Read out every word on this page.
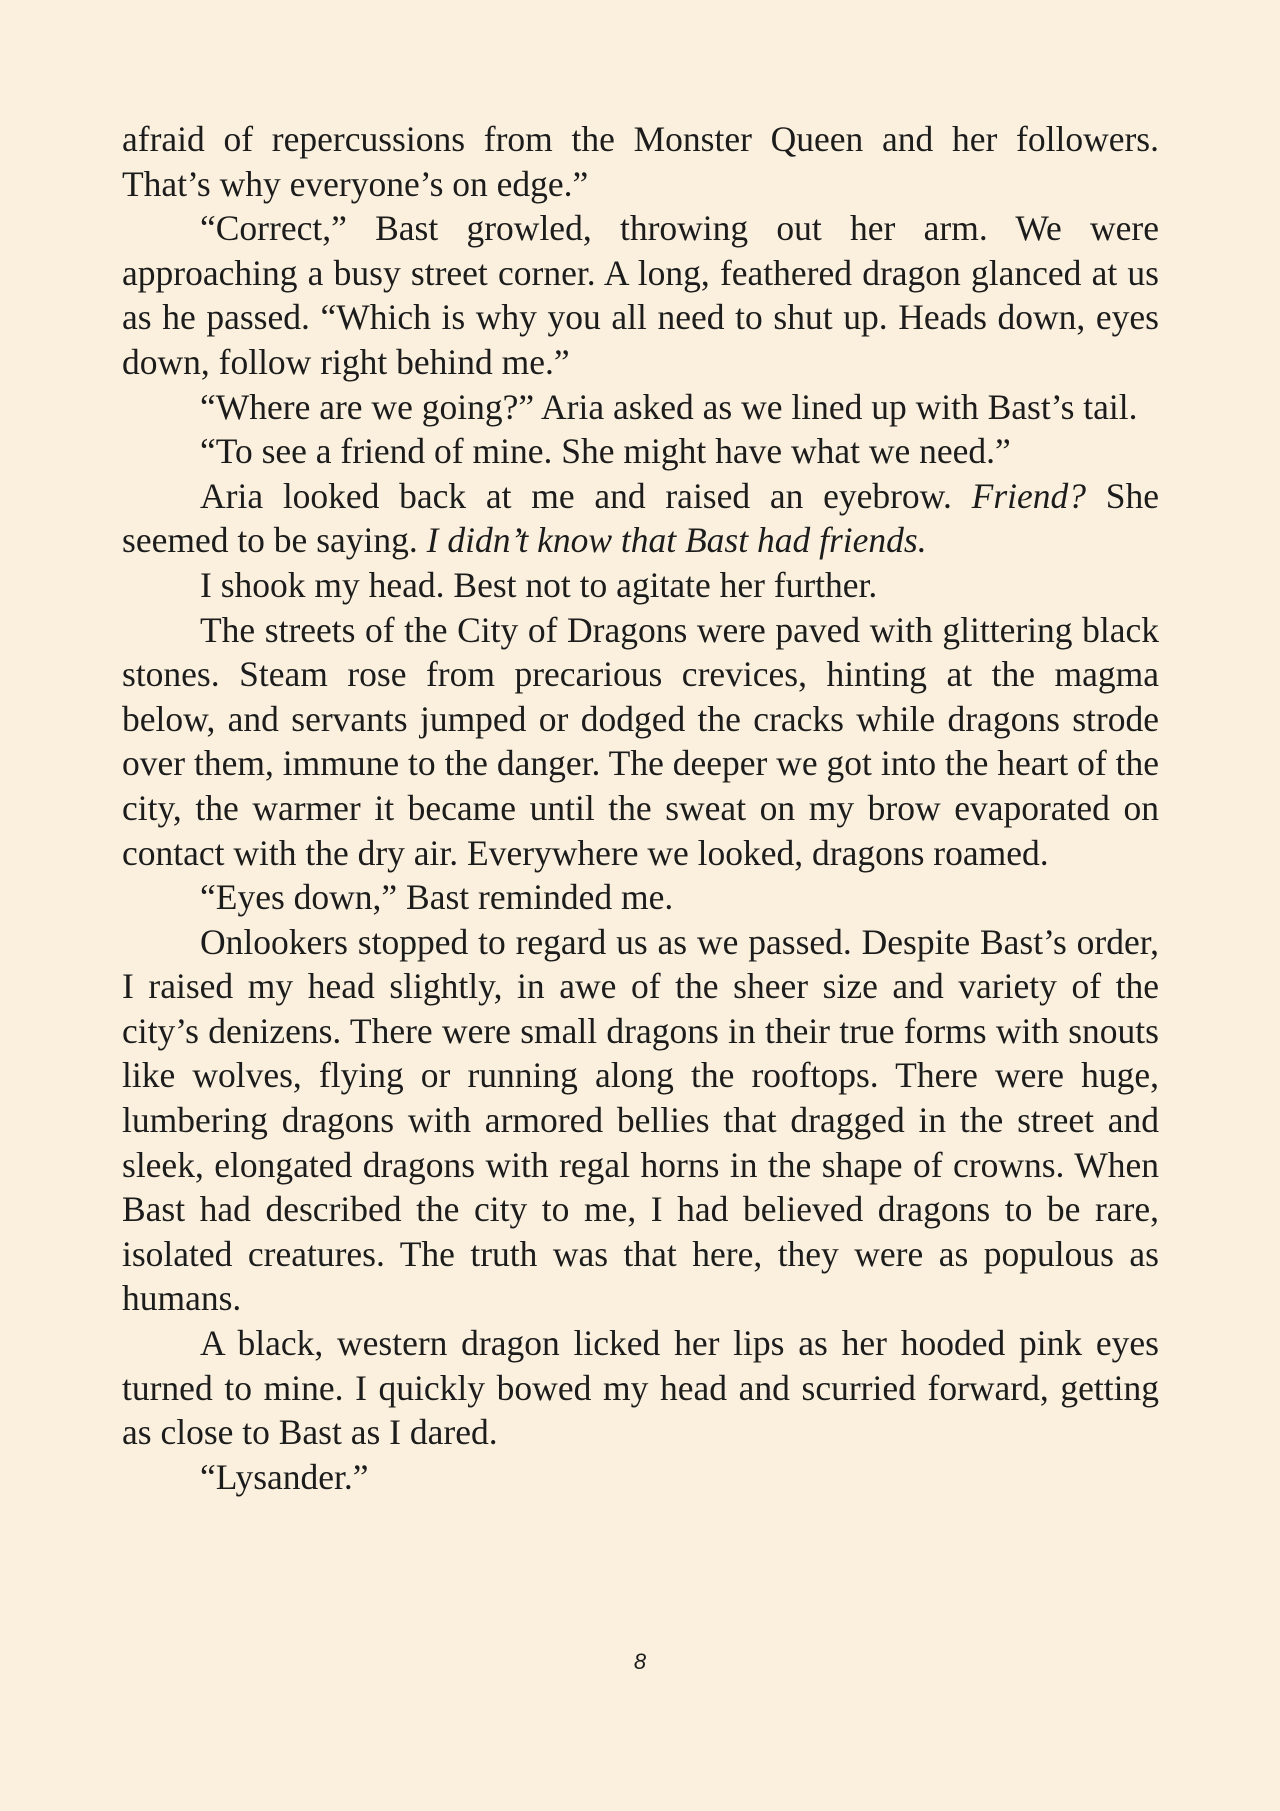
afraid of repercussions from the Monster Queen and her followers. That’s why everyone’s on edge.”

“Correct,” Bast growled, throwing out her arm. We were approaching a busy street corner. A long, feathered dragon glanced at us as he passed. “Which is why you all need to shut up. Heads down, eyes down, follow right behind me.”

“Where are we going?” Aria asked as we lined up with Bast’s tail.

“To see a friend of mine. She might have what we need.”

Aria looked back at me and raised an eyebrow. Friend? She seemed to be saying. I didn’t know that Bast had friends.

I shook my head. Best not to agitate her further.

The streets of the City of Dragons were paved with glittering black stones. Steam rose from precarious crevices, hinting at the magma below, and servants jumped or dodged the cracks while dragons strode over them, immune to the danger. The deeper we got into the heart of the city, the warmer it became until the sweat on my brow evaporated on contact with the dry air. Everywhere we looked, dragons roamed.

“Eyes down,” Bast reminded me.

Onlookers stopped to regard us as we passed. Despite Bast’s order, I raised my head slightly, in awe of the sheer size and variety of the city’s denizens. There were small dragons in their true forms with snouts like wolves, flying or running along the rooftops. There were huge, lumbering dragons with armored bellies that dragged in the street and sleek, elongated dragons with regal horns in the shape of crowns. When Bast had described the city to me, I had believed dragons to be rare, isolated creatures. The truth was that here, they were as populous as humans.

A black, western dragon licked her lips as her hooded pink eyes turned to mine. I quickly bowed my head and scurried forward, getting as close to Bast as I dared.

“Lysander.”

8
